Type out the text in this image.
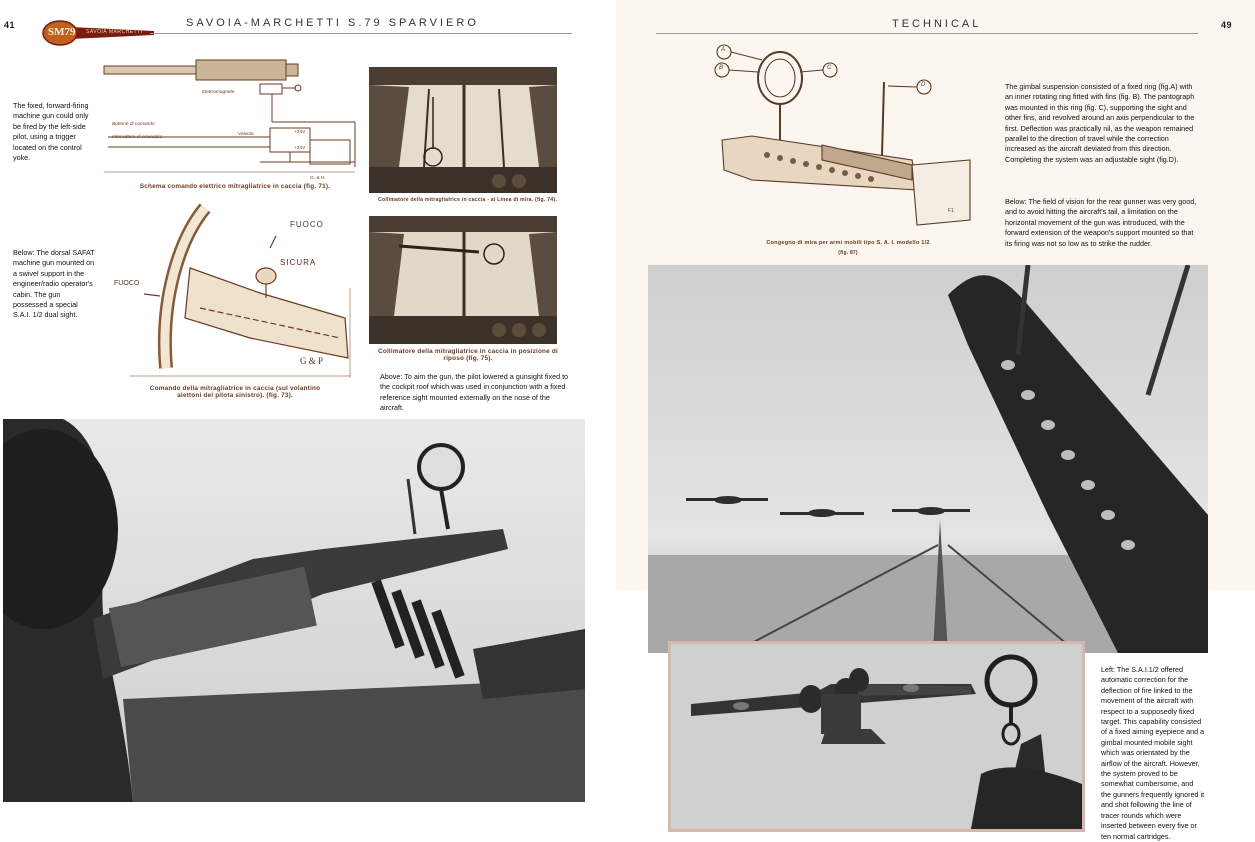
41
SM79 SAVOIA MARCHETTI
SAVOIA-MARCHETTI S.79 SPARVIERO
The fixed, forward-firing machine gun could only be fired by the left-side pilot, using a trigger located on the control yoke.
Elettromagnete
Bottone di comando
Interruttore di sicurezza
Valvola	+24V
+24V
G. & H.
Schema comando elettrico mitragliatrice in caccia (fig. 71).
Collimatore della mitragliatrice in caccia - al Linea di mira. (fig. 74).
FUOCO
SICURA
FUOCO
G & P
Comando della mitragliatrice in caccia (sul volantino alettoni del pilota sinistro). (fig. 73).
Below: The dorsal SAFAT machine gun mounted on a swivel support in the engineer/radio operator's cabin. The gun possessed a special S.A.I. 1/2 dual sight.
Collimatore della mitragliatrice in caccia in posizione di riposo (fig. 75).
Above: To aim the gun, the pilot lowered a gunsight fixed to the cockpit roof which was used in conjunction with a fixed reference sight mounted externally on the nose of the aircraft.
TECHNICAL	49
A
B	C
D
F1
Congegno di mira per armi mobili tipo S. A. I. modello 1/2
(fig. 87)
The gimbal suspension consisted of a fixed ring (fig.A) with an inner rotating ring fitted with fins (fig. B). The pantograph was mounted in this ring (fig. C), supporting the sight and other fins, and revolved around an axis perpendicular to the first. Deflection was practically nil, as the weapon remained parallel to the direction of travel while the correction increased as the aircraft deviated from this direction. Completing the system was an adjustable sight (fig.D).
Below: The field of vision for the rear gunner was very good, and to avoid hitting the aircraft's tail, a limitation on the horizontal movement of the gun was introduced, with the forward extension of the weapon's support mounted so that its firing was not so low as to strike the rudder.
Left: The S.A.I.1/2 offered automatic correction for the deflection of fire linked to the movement of the aircraft with respect to a supposedly fixed target. This capability consisted of a fixed aiming eyepiece and a gimbal mounted mobile sight which was orientated by the airflow of the aircraft. However, the system proved to be somewhat cumbersome, and the gunners frequently ignored it and shot following the line of tracer rounds which were inserted between every five or ten normal cartridges.
